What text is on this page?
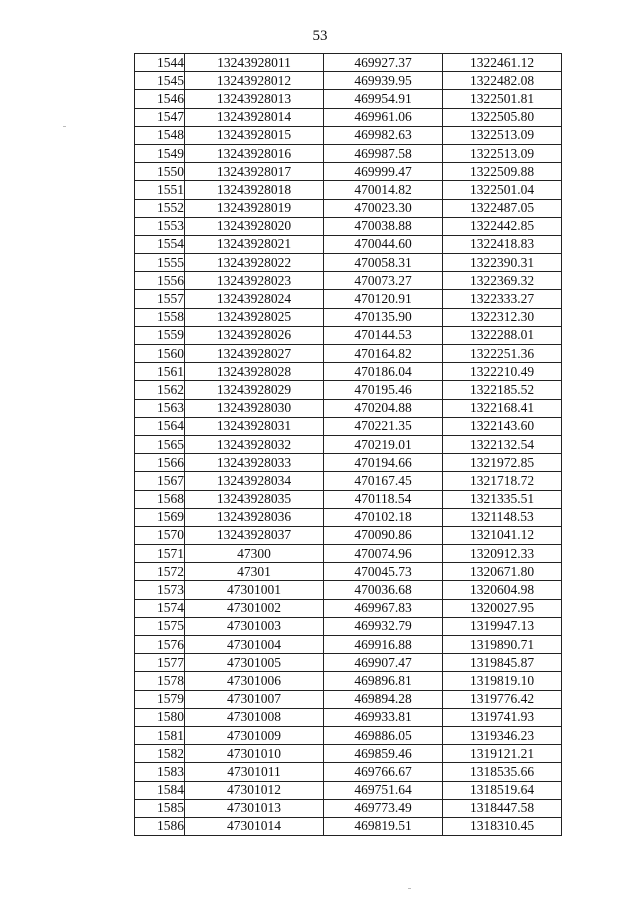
53
1544	13243928011	469927.37	1322461.12
1545	13243928012	469939.95	1322482.08
1546	13243928013	469954.91	1322501.81
1547	13243928014	469961.06	1322505.80
1548	13243928015	469982.63	1322513.09
1549	13243928016	469987.58	1322513.09
1550	13243928017	469999.47	1322509.88
1551	13243928018	470014.82	1322501.04
1552	13243928019	470023.30	1322487.05
1553	13243928020	470038.88	1322442.85
1554	13243928021	470044.60	1322418.83
1555	13243928022	470058.31	1322390.31
1556	13243928023	470073.27	1322369.32
1557	13243928024	470120.91	1322333.27
1558	13243928025	470135.90	1322312.30
1559	13243928026	470144.53	1322288.01
1560	13243928027	470164.82	1322251.36
1561	13243928028	470186.04	1322210.49
1562	13243928029	470195.46	1322185.52
1563	13243928030	470204.88	1322168.41
1564	13243928031	470221.35	1322143.60
1565	13243928032	470219.01	1322132.54
1566	13243928033	470194.66	1321972.85
1567	13243928034	470167.45	1321718.72
1568	13243928035	470118.54	1321335.51
1569	13243928036	470102.18	1321148.53
1570	13243928037	470090.86	1321041.12
1571	47300	470074.96	1320912.33
1572	47301	470045.73	1320671.80
1573	47301001	470036.68	1320604.98
1574	47301002	469967.83	1320027.95
1575	47301003	469932.79	1319947.13
1576	47301004	469916.88	1319890.71
1577	47301005	469907.47	1319845.87
1578	47301006	469896.81	1319819.10
1579	47301007	469894.28	1319776.42
1580	47301008	469933.81	1319741.93
1581	47301009	469886.05	1319346.23
1582	47301010	469859.46	1319121.21
1583	47301011	469766.67	1318535.66
1584	47301012	469751.64	1318519.64
1585	47301013	469773.49	1318447.58
1586	47301014	469819.51	1318310.45
